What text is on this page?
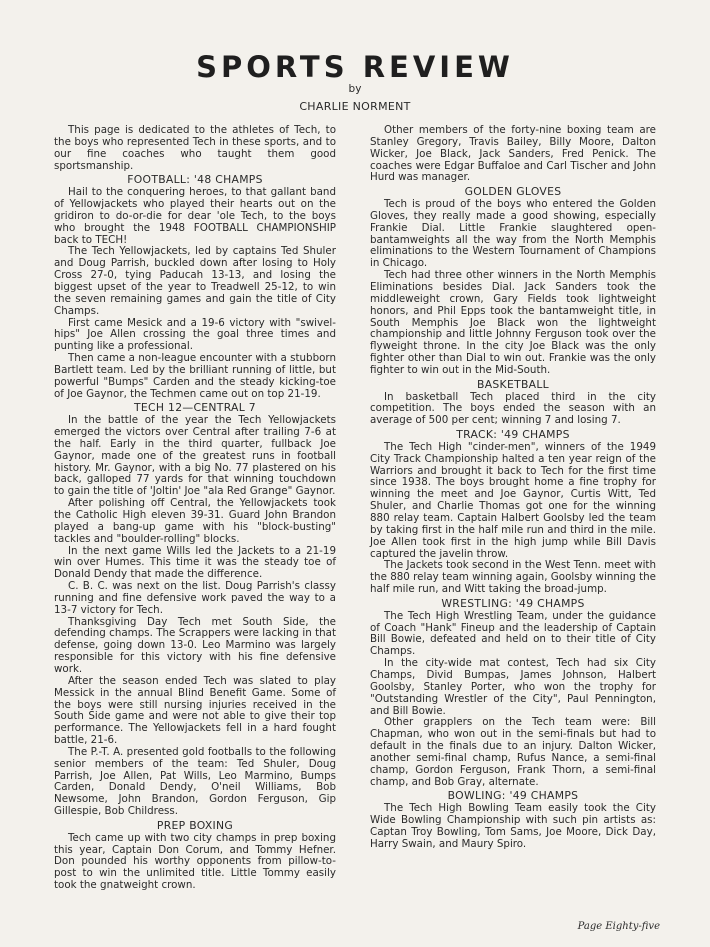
SPORTS REVIEW
by
CHARLIE NORMENT

This page is dedicated to the athletes of Tech, to the boys who represented Tech in these sports, and to our fine coaches who taught them good sportsmanship.

FOOTBALL: '48 CHAMPS

Hail to the conquering heroes, to that gallant band of Yellowjackets who played their hearts out on the gridiron to do-or-die for dear 'ole Tech, to the boys who brought the 1948 FOOTBALL CHAMPIONSHIP back to TECH!

The Tech Yellowjackets, led by captains Ted Shuler and Doug Parrish, buckled down after losing to Holy Cross 27-0, tying Paducah 13-13, and losing the biggest upset of the year to Treadwell 25-12, to win the seven remaining games and gain the title of City Champs.

First came Mesick and a 19-6 victory with "swivel-hips" Joe Allen crossing the goal three times and punting like a professional.

Then came a non-league encounter with a stubborn Bartlett team. Led by the brilliant running of little, but powerful "Bumps" Carden and the steady kicking-toe of Joe Gaynor, the Techmen came out on top 21-19.

TECH 12—CENTRAL 7

In the battle of the year the Tech Yellowjackets emerged the victors over Central after trailing 7-6 at the half. Early in the third quarter, fullback Joe Gaynor, made one of the greatest runs in football history. Mr. Gaynor, with a big No. 77 plastered on his back, galloped 77 yards for that winning touchdown to gain the title of 'Joltin' Joe "ala Red Grange" Gaynor.

After polishing off Central, the Yellowjackets took the Catholic High eleven 39-31. Guard John Brandon played a bang-up game with his "block-busting" tackles and "boulder-rolling" blocks.

In the next game Wills led the Jackets to a 21-19 win over Humes. This time it was the steady toe of Donald Dendy that made the difference.

C. B. C. was next on the list. Doug Parrish's classy running and fine defensive work paved the way to a 13-7 victory for Tech.

Thanksgiving Day Tech met South Side, the defending champs. The Scrappers were lacking in that defense, going down 13-0. Leo Marmino was largely responsible for this victory with his fine defensive work.

After the season ended Tech was slated to play Messick in the annual Blind Benefit Game. Some of the boys were still nursing injuries received in the South Side game and were not able to give their top performance. The Yellowjackets fell in a hard fought battle, 21-6.

The P.-T. A. presented gold footballs to the following senior members of the team: Ted Shuler, Doug Parrish, Joe Allen, Pat Wills, Leo Marmino, Bumps Carden, Donald Dendy, O'neil Williams, Bob Newsome, John Brandon, Gordon Ferguson, Gip Gillespie, Bob Childress.

PREP BOXING

Tech came up with two city champs in prep boxing this year, Captain Don Corum, and Tommy Hefner. Don pounded his worthy opponents from pillow-to-post to win the unlimited title. Little Tommy easily took the gnatweight crown.

Other members of the forty-nine boxing team are Stanley Gregory, Travis Bailey, Billy Moore, Dalton Wicker, Joe Black, Jack Sanders, Fred Penick. The coaches were Edgar Buffaloe and Carl Tischer and John Hurd was manager.

GOLDEN GLOVES

Tech is proud of the boys who entered the Golden Gloves, they really made a good showing, especially Frankie Dial. Little Frankie slaughtered open-bantamweights all the way from the North Memphis eliminations to the Western Tournament of Champions in Chicago.

Tech had three other winners in the North Memphis Eliminations besides Dial. Jack Sanders took the middleweight crown, Gary Fields took lightweight honors, and Phil Epps took the bantamweight title, in South Memphis Joe Black won the lightweight championship and little Johnny Ferguson took over the flyweight throne. In the city Joe Black was the only fighter other than Dial to win out. Frankie was the only fighter to win out in the Mid-South.

BASKETBALL

In basketball Tech placed third in the city competition. The boys ended the season with an average of 500 per cent; winning 7 and losing 7.

TRACK: '49 CHAMPS

The Tech High "cinder-men", winners of the 1949 City Track Championship halted a ten year reign of the Warriors and brought it back to Tech for the first time since 1938. The boys brought home a fine trophy for winning the meet and Joe Gaynor, Curtis Witt, Ted Shuler, and Charlie Thomas got one for the winning 880 relay team. Captain Halbert Goolsby led the team by taking first in the half mile run and third in the mile. Joe Allen took first in the high jump while Bill Davis captured the javelin throw.

The Jackets took second in the West Tenn. meet with the 880 relay team winning again, Goolsby winning the half mile run, and Witt taking the broad-jump.

WRESTLING: '49 CHAMPS

The Tech High Wrestling Team, under the guidance of Coach "Hank" Fineup and the leadership of Captain Bill Bowie, defeated and held on to their title of City Champs.

In the city-wide mat contest, Tech had six City Champs, Divid Bumpas, James Johnson, Halbert Goolsby, Stanley Porter, who won the trophy for "Outstanding Wrestler of the City", Paul Pennington, and Bill Bowie.

Other grapplers on the Tech team were: Bill Chapman, who won out in the semi-finals but had to default in the finals due to an injury. Dalton Wicker, another semi-final champ, Rufus Nance, a semi-final champ, Gordon Ferguson, Frank Thorn, a semi-final champ, and Bob Gray, alternate.

BOWLING: '49 CHAMPS

The Tech High Bowling Team easily took the City Wide Bowling Championship with such pin artists as: Captan Troy Bowling, Tom Sams, Joe Moore, Dick Day, Harry Swain, and Maury Spiro.

Page Eighty-five
